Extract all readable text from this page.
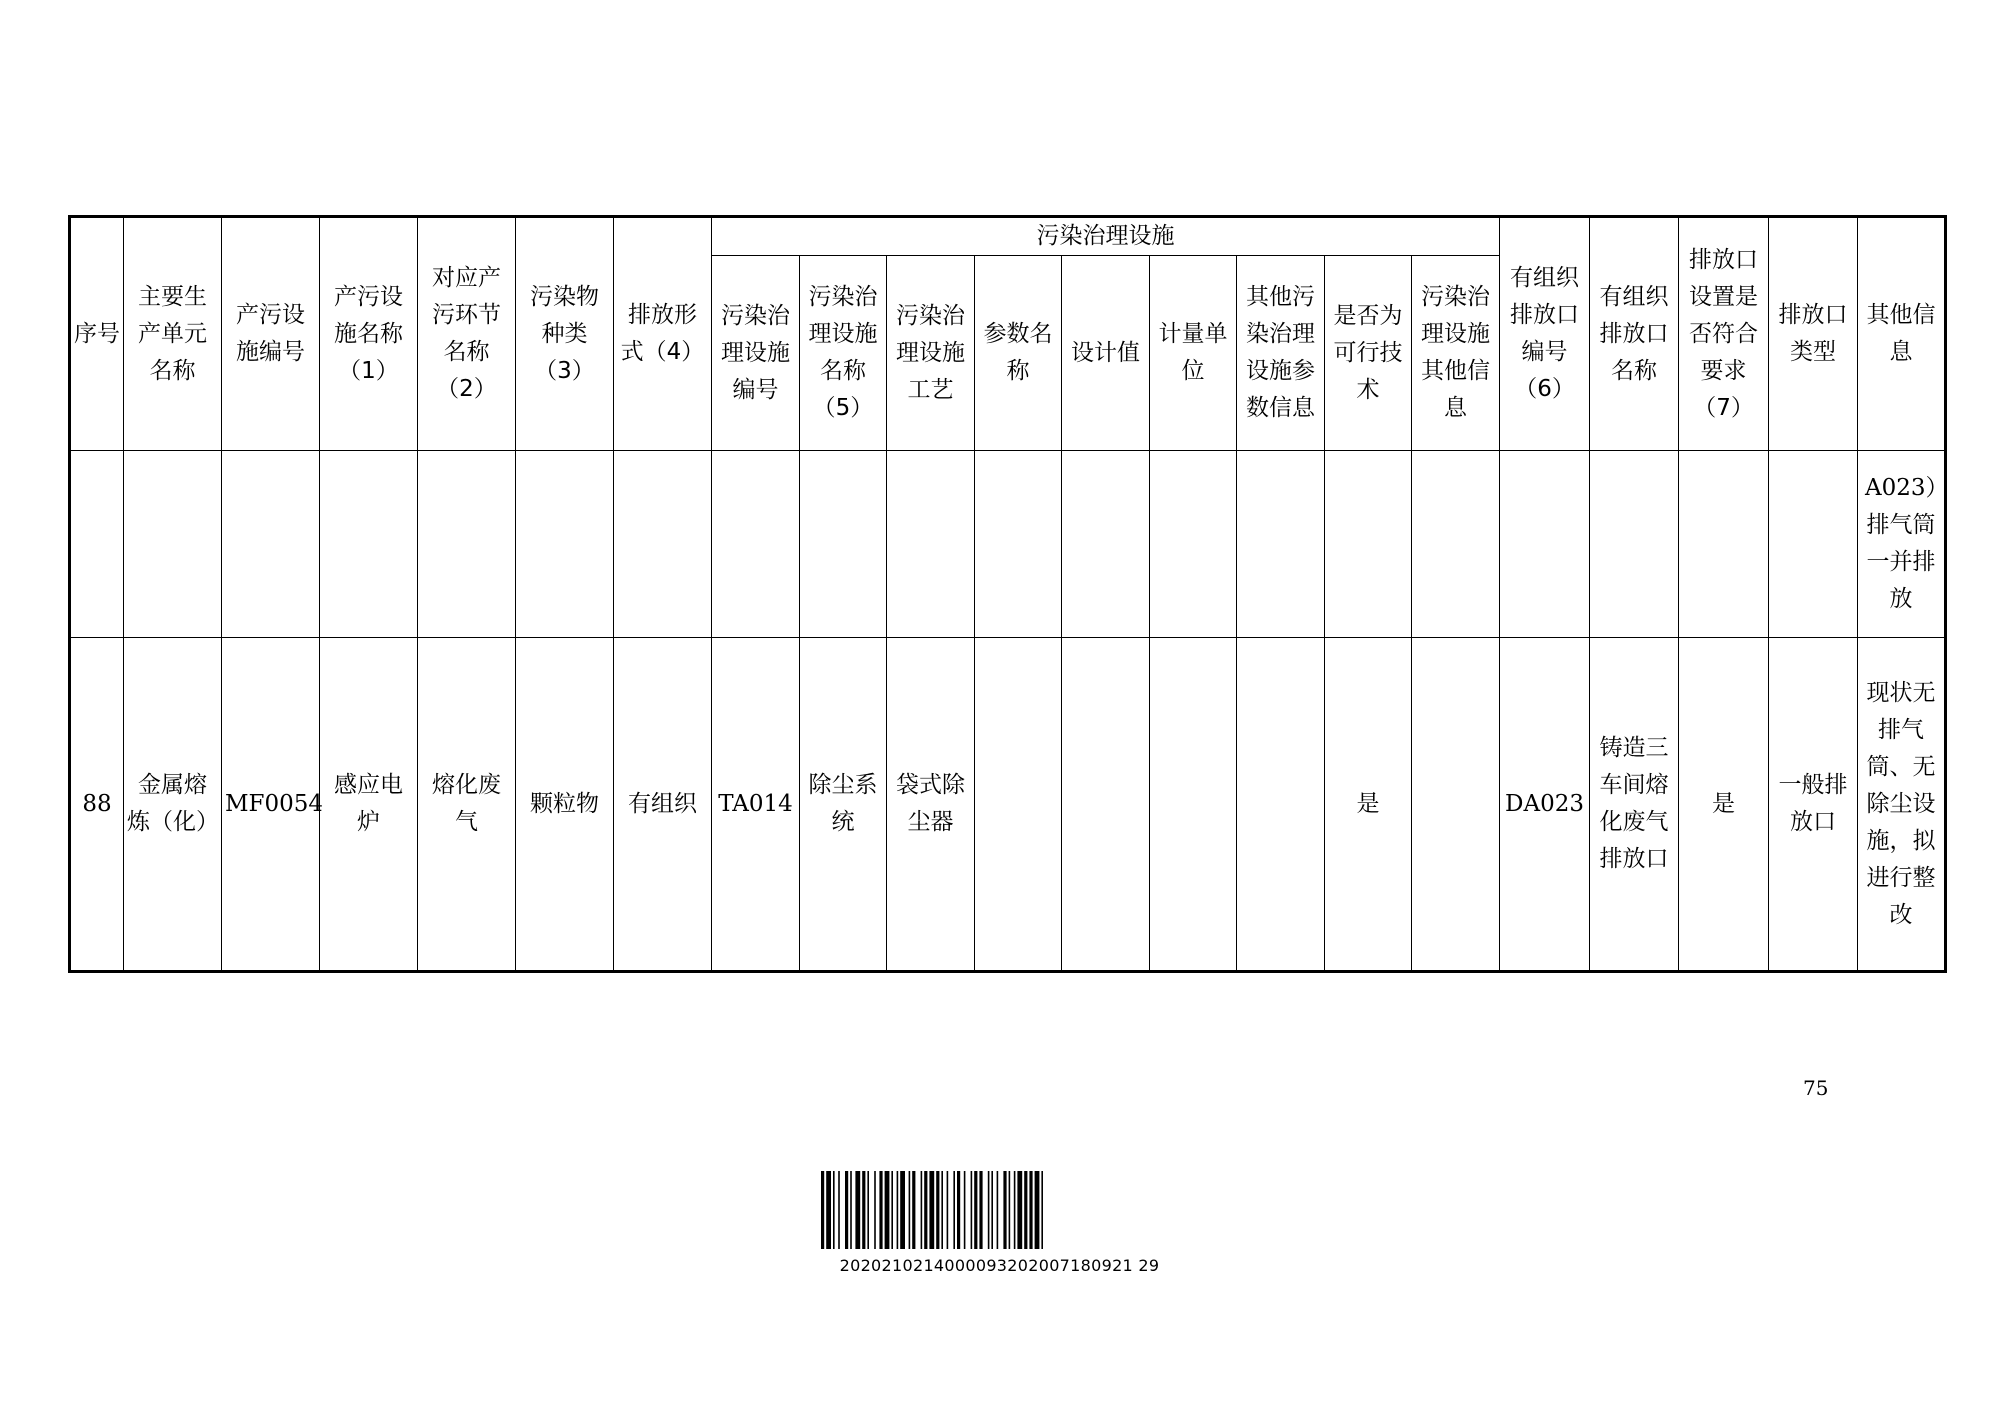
序号	主要生产单元名称	产污设施编号	产污设施名称（1）	对应产污环节名称（2）	污染物种类（3）	排放形式（4）	污染治理设施									有组织排放口编号（6）	有组织排放口名称	排放口设置是否符合要求（7）	排放口类型	其他信息
							污染治理设施编号	污染治理设施名称（5）	污染治理设施工艺	参数名称	设计值	计量单位	其他污染治理设施参数信息	是否为可行技术	污染治理设施其他信息					
																				A023）排气筒一并排放
88	金属熔炼（化）	MF0054	感应电炉	熔化废气	颗粒物	有组织	TA014	除尘系统	袋式除尘器					是		DA023	铸造三车间熔化废气排放口	是	一般排放口	现状无排气筒、无除尘设施，拟进行整改
75
2020210214000093202007180921 29
